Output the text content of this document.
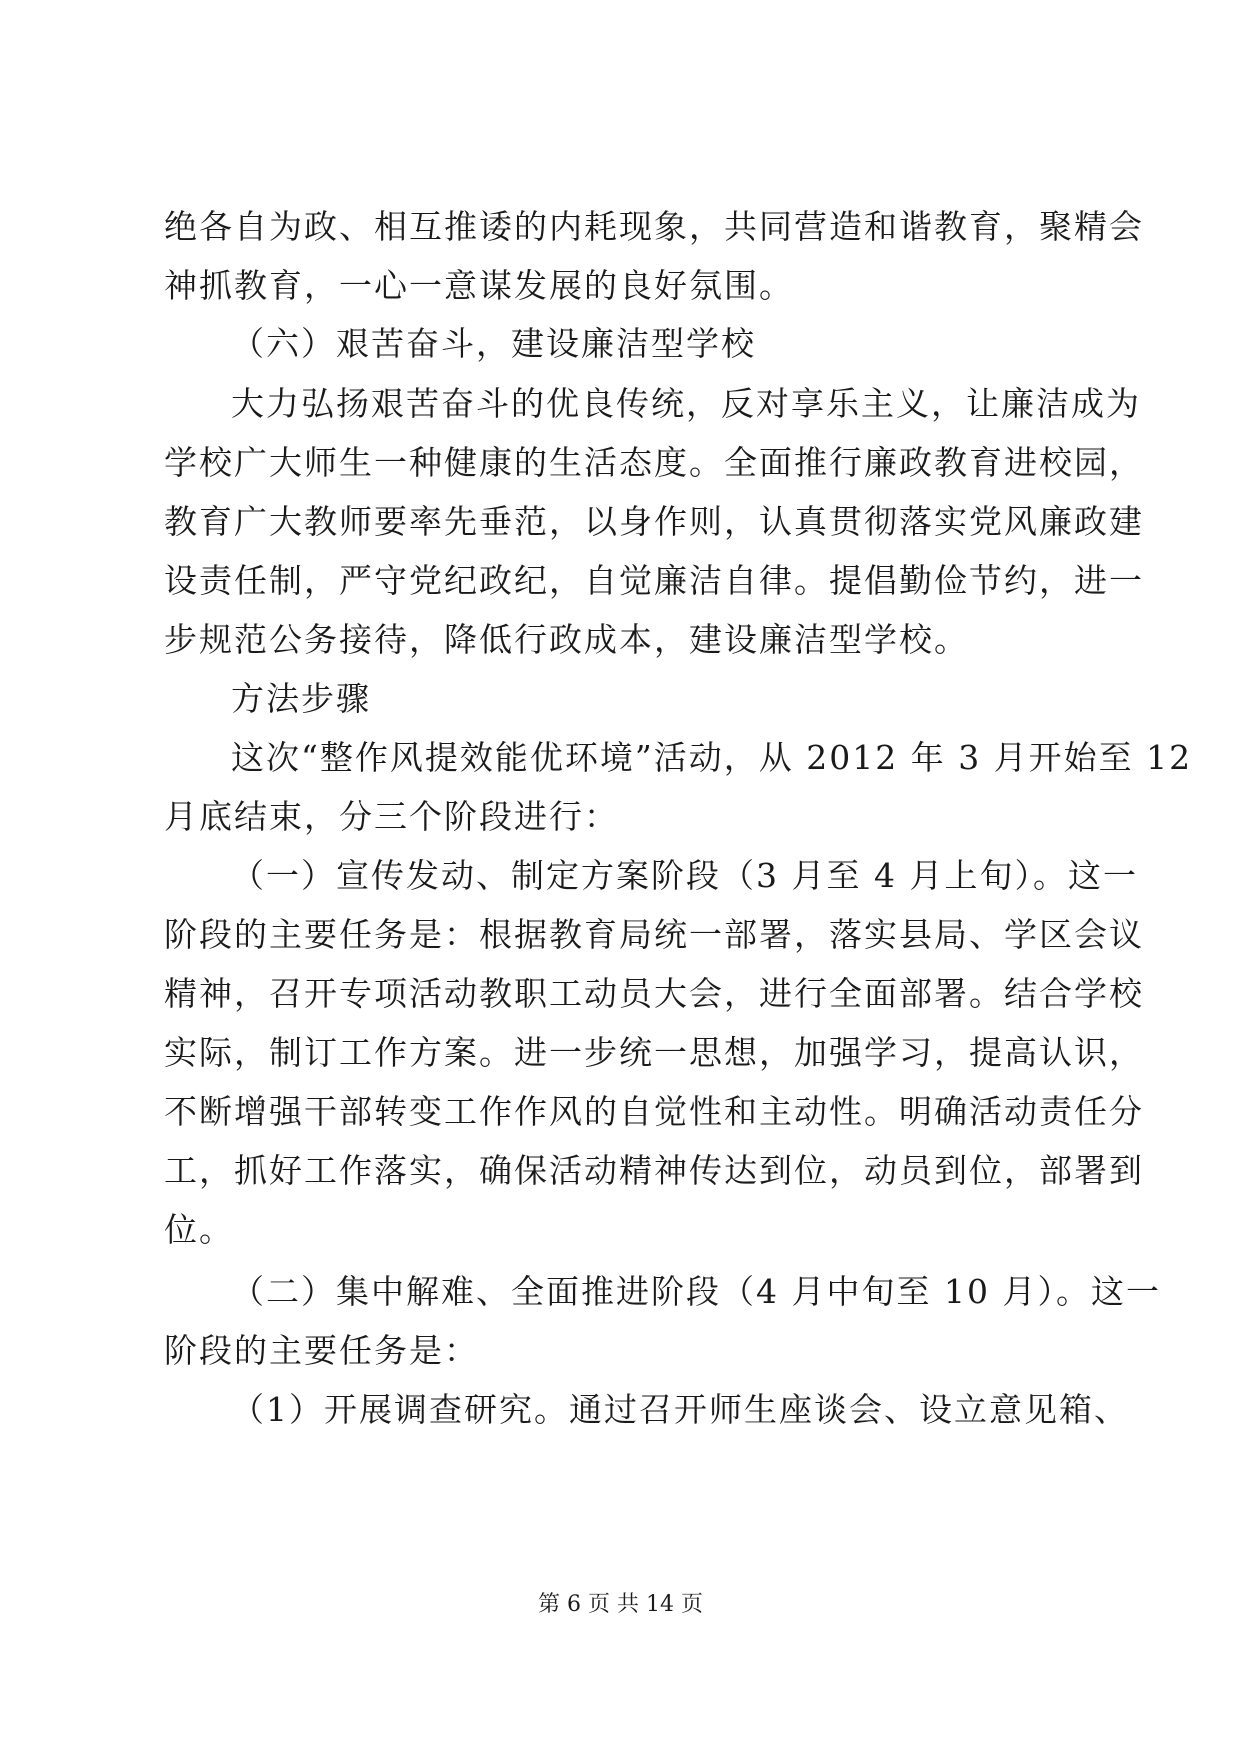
绝各自为政、相互推诿的内耗现象，共同营造和谐教育，聚精会
神抓教育，一心一意谋发展的良好氛围。
（六）艰苦奋斗，建设廉洁型学校
大力弘扬艰苦奋斗的优良传统，反对享乐主义，让廉洁成为
学校广大师生一种健康的生活态度。全面推行廉政教育进校园，
教育广大教师要率先垂范，以身作则，认真贯彻落实党风廉政建
设责任制，严守党纪政纪，自觉廉洁自律。提倡勤俭节约，进一
步规范公务接待，降低行政成本，建设廉洁型学校。
方法步骤
这次“整作风提效能优环境”活动，从 2012 年 3 月开始至 12
月底结束，分三个阶段进行：
（一）宣传发动、制定方案阶段（3 月至 4 月上旬）。这一
阶段的主要任务是：根据教育局统一部署，落实县局、学区会议
精神，召开专项活动教职工动员大会，进行全面部署。结合学校
实际，制订工作方案。进一步统一思想，加强学习，提高认识，
不断增强干部转变工作作风的自觉性和主动性。明确活动责任分
工，抓好工作落实，确保活动精神传达到位，动员到位，部署到
位。
（二）集中解难、全面推进阶段（4 月中旬至 10 月）。这一
阶段的主要任务是：
（1）开展调查研究。通过召开师生座谈会、设立意见箱、
第 6 页 共 14 页
